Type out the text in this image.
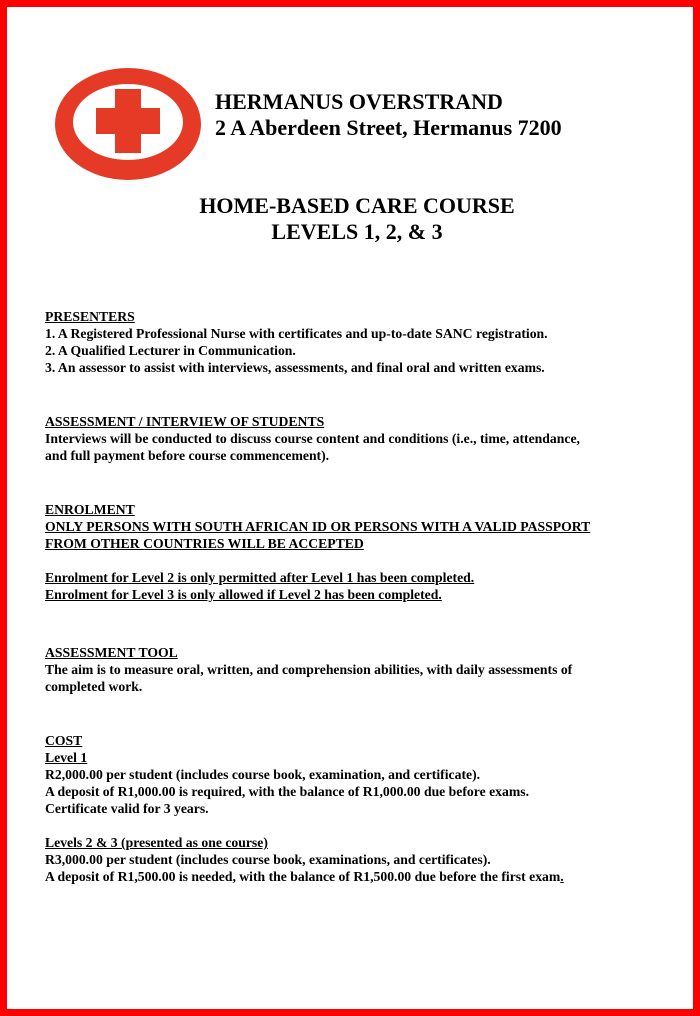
HERMANUS OVERSTRAND
2 A Aberdeen Street, Hermanus 7200
HOME-BASED CARE COURSE
LEVELS 1, 2, & 3
PRESENTERS
1. A Registered Professional Nurse with certificates and up-to-date SANC registration.
2. A Qualified Lecturer in Communication.
3. An assessor to assist with interviews, assessments, and final oral and written exams.
ASSESSMENT / INTERVIEW OF STUDENTS
Interviews will be conducted to discuss course content and conditions (i.e., time, attendance,
and full payment before course commencement).
ENROLMENT
ONLY PERSONS WITH SOUTH AFRICAN ID OR PERSONS WITH A VALID PASSPORT
FROM OTHER COUNTRIES WILL BE ACCEPTED
Enrolment for Level 2 is only permitted after Level 1 has been completed.
Enrolment for Level 3 is only allowed if Level 2 has been completed.
ASSESSMENT TOOL
The aim is to measure oral, written, and comprehension abilities, with daily assessments of
completed work.
COST
Level 1
R2,000.00 per student (includes course book, examination, and certificate).
A deposit of R1,000.00 is required, with the balance of R1,000.00 due before exams.
Certificate valid for 3 years.
Levels 2 & 3 (presented as one course)
R3,000.00 per student (includes course book, examinations, and certificates).
A deposit of R1,500.00 is needed, with the balance of R1,500.00 due before the first exam.
